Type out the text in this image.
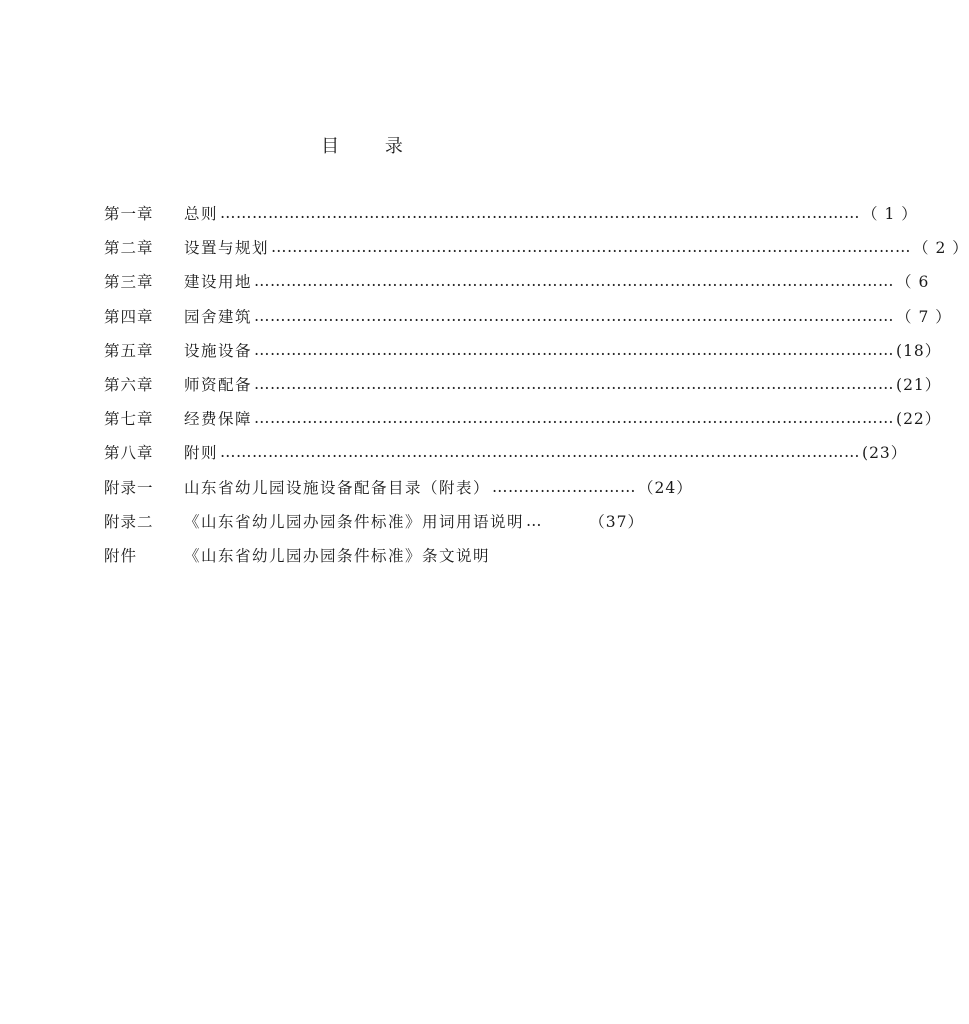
目 录
第一章	总则 ………………………………………………………………………………………………………… （ 1 ）
第二章	设置与规划 ………………………………………………………………………………………………………… （ 2 ）
第三章	建设用地 ………………………………………………………………………………………………………… （ 6
第四章	园舍建筑 ………………………………………………………………………………………………………… （ 7 ）
第五章	设施设备 ………………………………………………………………………………………………………… (18）
第六章	师资配备 ………………………………………………………………………………………………………… (21）
第七章	经费保障 ………………………………………………………………………………………………………… (22）
第八章	附则 ………………………………………………………………………………………………………… (23）
附录一	山东省幼儿园设施设备配备目录（附表） ……………………… （24）
附录二	《山东省幼儿园办园条件标准》用词用语说明 …	（37）
附件	《山东省幼儿园办园条件标准》条文说明
